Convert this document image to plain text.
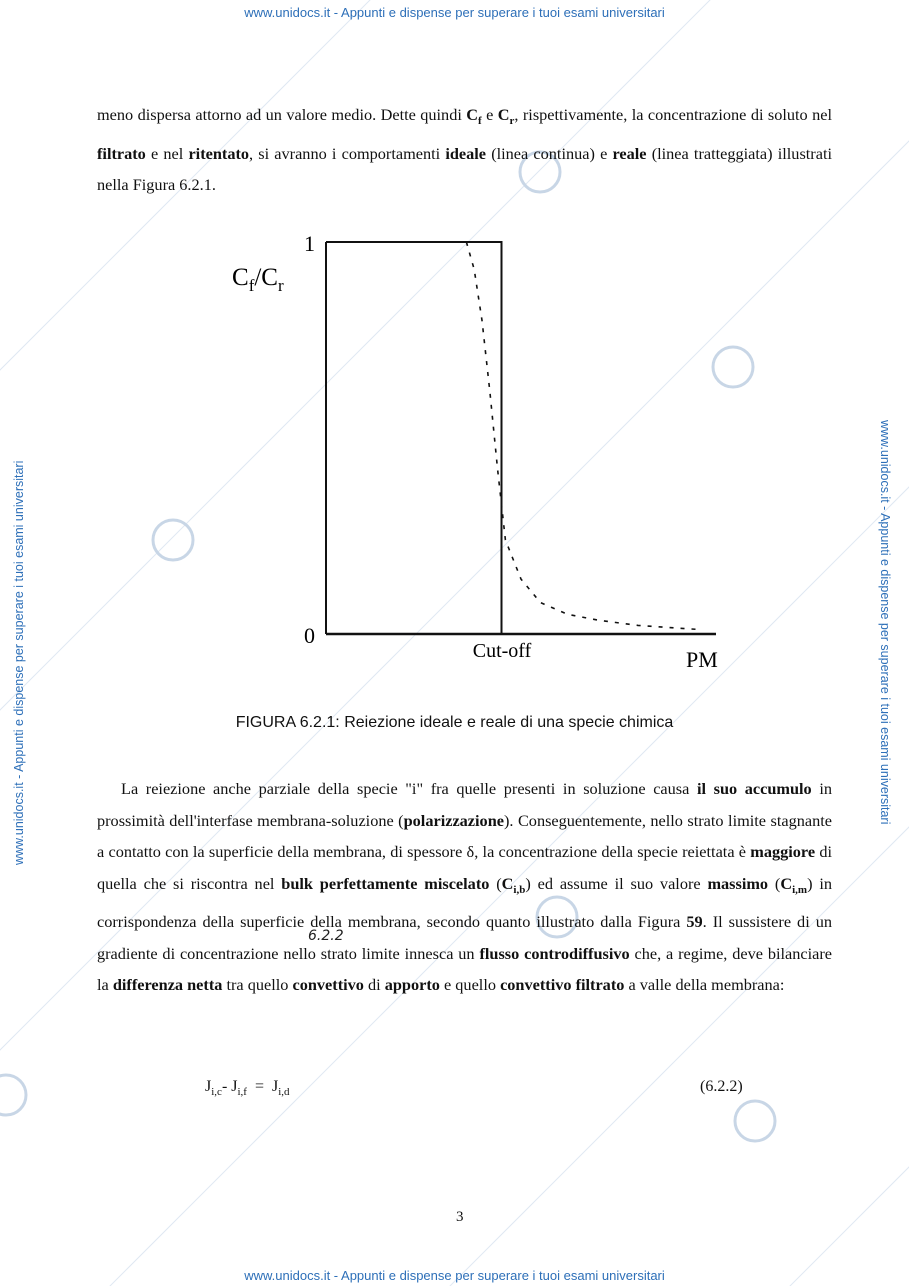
www.unidocs.it - Appunti e dispense per superare i tuoi esami universitari
www.unidocs.it - Appunti e dispense per superare i tuoi esami universitari
www.unidocs.it - Appunti e dispense per superare i tuoi esami universitari	www.unidocs.it - Appunti e dispense per superare i tuoi esami universitari

meno dispersa attorno ad un valore medio. Dette quindi $C_f$ e $C_r$, rispettivamente, la concentrazione di soluto nel filtrato e nel ritentato, si avranno i comportamenti ideale (linea continua) e reale (linea tratteggiata) illustrati nella Figura 6.2.1.

1
0
$C_f/C_r$
Cut-off	PM
FIGURA 6.2.1: Reiezione ideale e reale di una specie chimica

La reiezione anche parziale della specie "i" fra quelle presenti in soluzione causa il suo accumulo in prossimità dell'interfase membrana-soluzione (polarizzazione). Conseguentemente, nello strato limite stagnante a contatto con la superficie della membrana, di spessore δ, la concentrazione della specie reiettata è maggiore di quella che si riscontra nel bulk perfettamente miscelato $(C_{i,b})$ ed assume il suo valore massimo $(C_{i,m})$ in corrispondenza della superficie della membrana, secondo quanto illustrato dalla Figura 59. Il sussistere di un gradiente di concentrazione nello strato limite innesca un flusso controdiffusivo che, a regime, deve bilanciare la differenza netta tra quello convettivo di apporto e quello convettivo filtrato a valle della membrana:

6.2.2
$J_{i,c}-$ $J_{i,f} = J_{i,d}$	(6.2.2)
3
